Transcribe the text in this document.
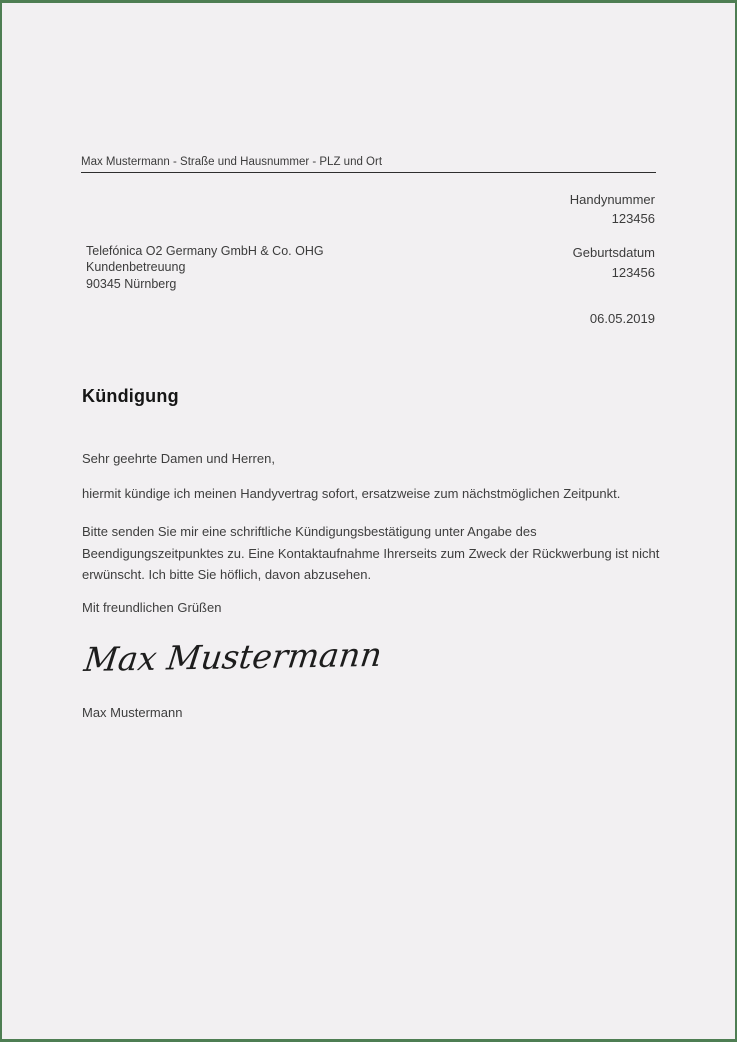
Max Mustermann - Straße und Hausnummer - PLZ und Ort
Handynummer
123456
Geburtsdatum
123456
06.05.2019
Telefónica O2 Germany GmbH & Co. OHG
Kundenbetreuung
90345 Nürnberg
Kündigung
Sehr geehrte Damen und Herren,
hiermit kündige ich meinen Handyvertrag sofort, ersatzweise zum nächstmöglichen Zeitpunkt.
Bitte senden Sie mir eine schriftliche Kündigungsbestätigung unter Angabe des
Beendigungszeitpunktes zu. Eine Kontaktaufnahme Ihrerseits zum Zweck der Rückwerbung ist nicht
erwünscht. Ich bitte Sie höflich, davon abzusehen.
Mit freundlichen Grüßen
Max Mustermann
Max Mustermann
